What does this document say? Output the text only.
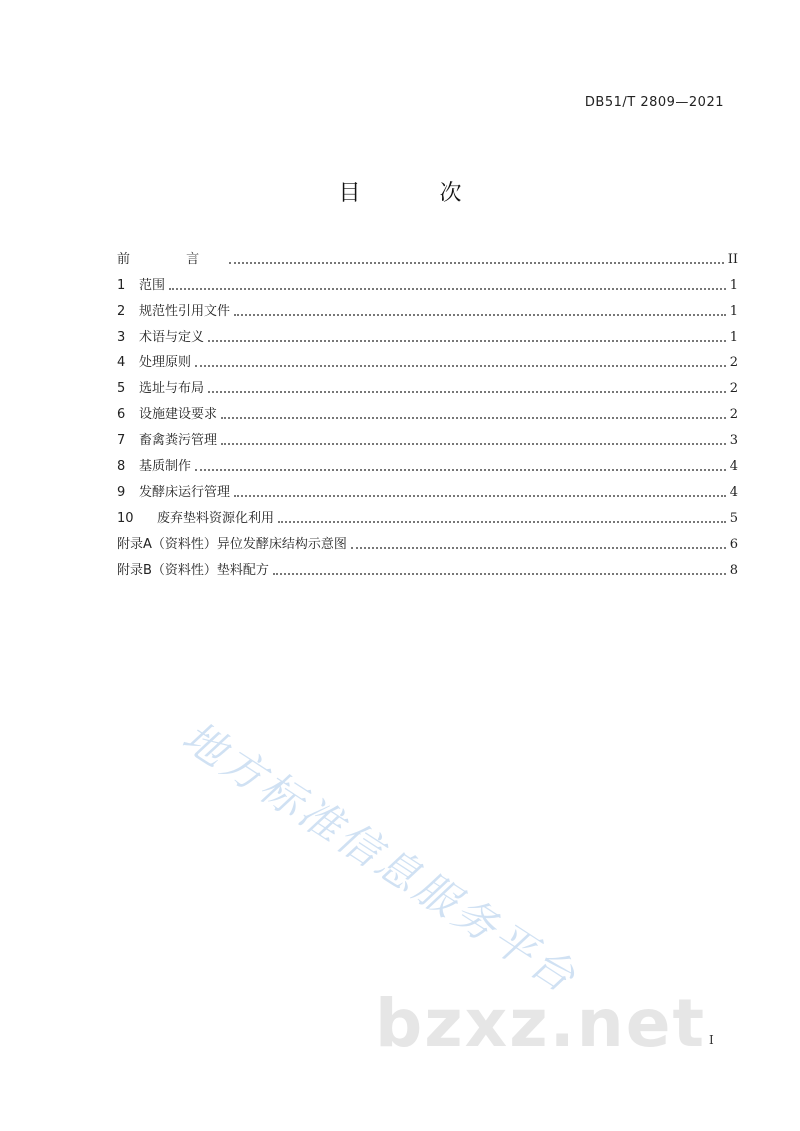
DB51/T 2809—2021
目 次
前 言	II
1	范围	1
2	规范性引用文件	1
3	术语与定义	1
4	处理原则	2
5	选址与布局	2
6	设施建设要求	2
7	畜禽粪污管理	3
8	基质制作	4
9	发酵床运行管理	4
10	废弃垫料资源化利用	5
附录A（资料性）异位发酵床结构示意图	6
附录B（资料性）垫料配方	8
地方标准信息服务平台
bzxz.net I
